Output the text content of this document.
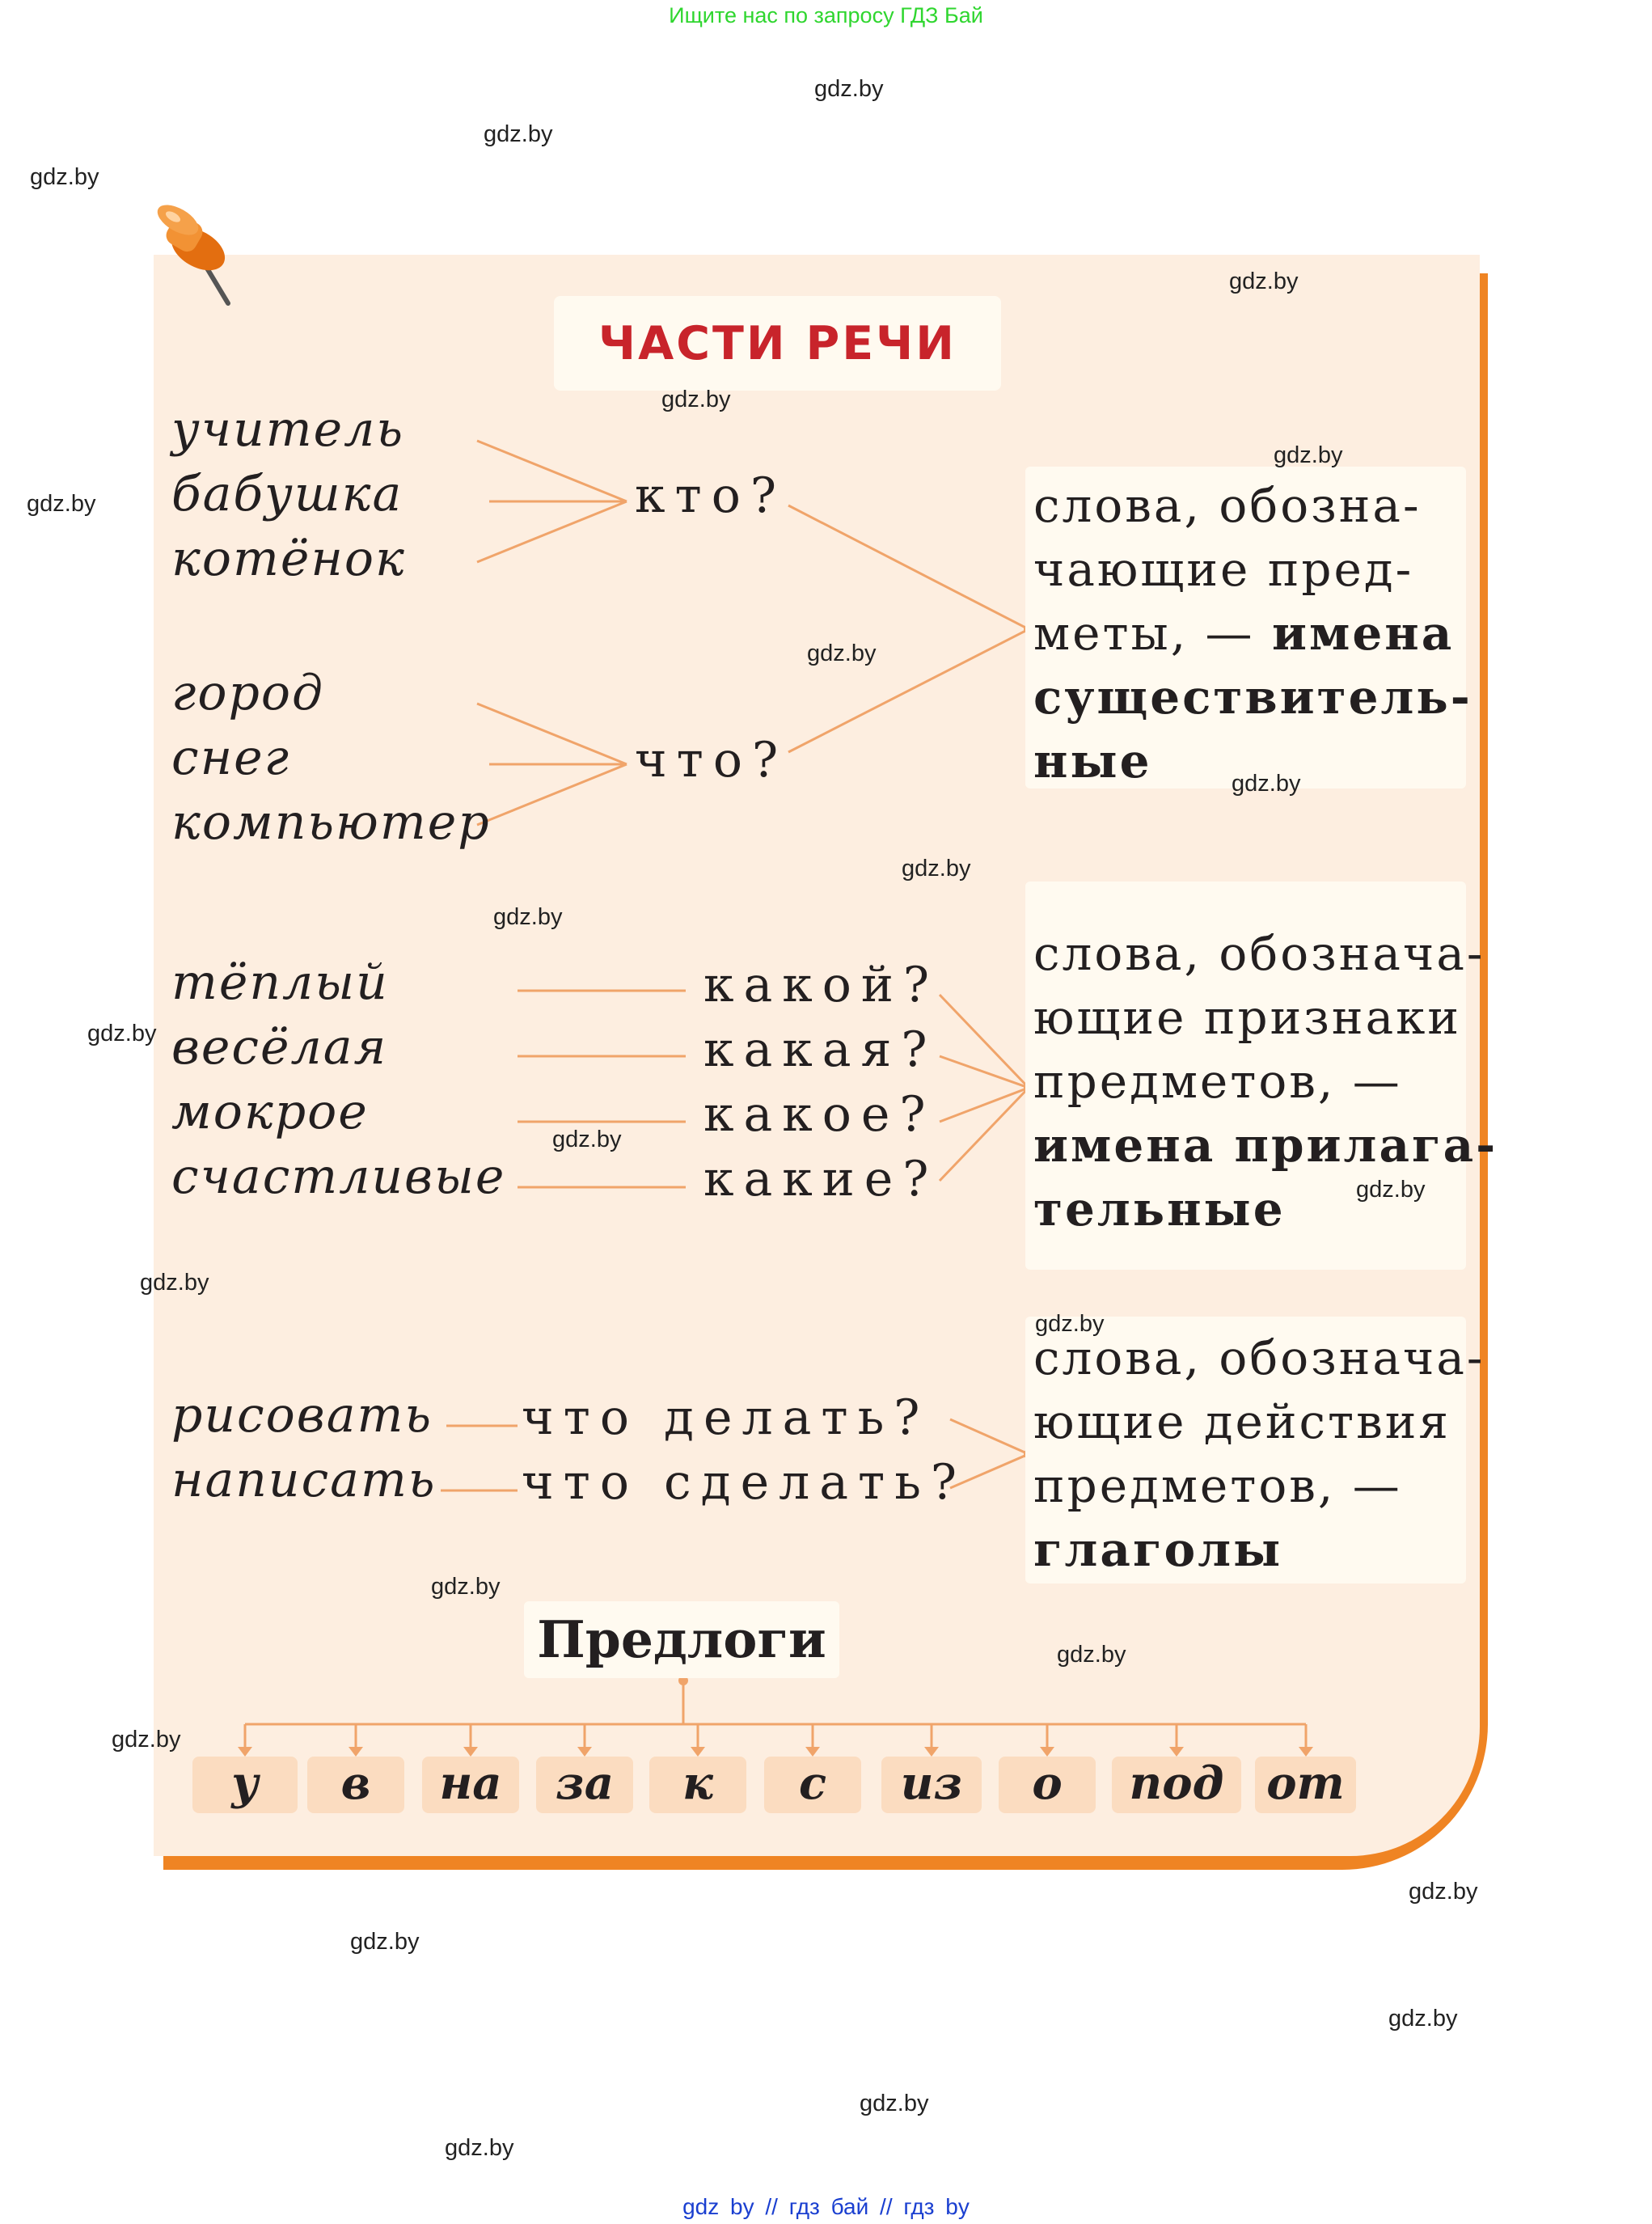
Ищите нас по запросу ГДЗ Бай
ЧАСТИ РЕЧИ
учитель
бабушка
котёнок
кто?
город
снег
компьютер
что?
слова, обозна-
чающие пред-
меты, — имена
существитель-
ные
тёплый
весёлая
мокрое
счастливые
какой?
какая?
какое?
какие?
слова, обознача-
ющие признаки
предметов, —
имена прилага-
тельные
рисовать
написать
что делать?
что сделать?
слова, обознача-
ющие действия
предметов, —
глаголы
Предлоги
у	в	на	за	к	с	из	о	под от
gdz.by
gdz.by
gdz.by
gdz.by
gdz.by
gdz.by
gdz.by
gdz.by
gdz.by
gdz.by
gdz.by
gdz.by
gdz.by
gdz.by
gdz.by
gdz.by
gdz.by
gdz.by
gdz.by
gdz.by
gdz.by
gdz.by
gdz.by
gdz.by
gdz by // гдз бай // гдз by
